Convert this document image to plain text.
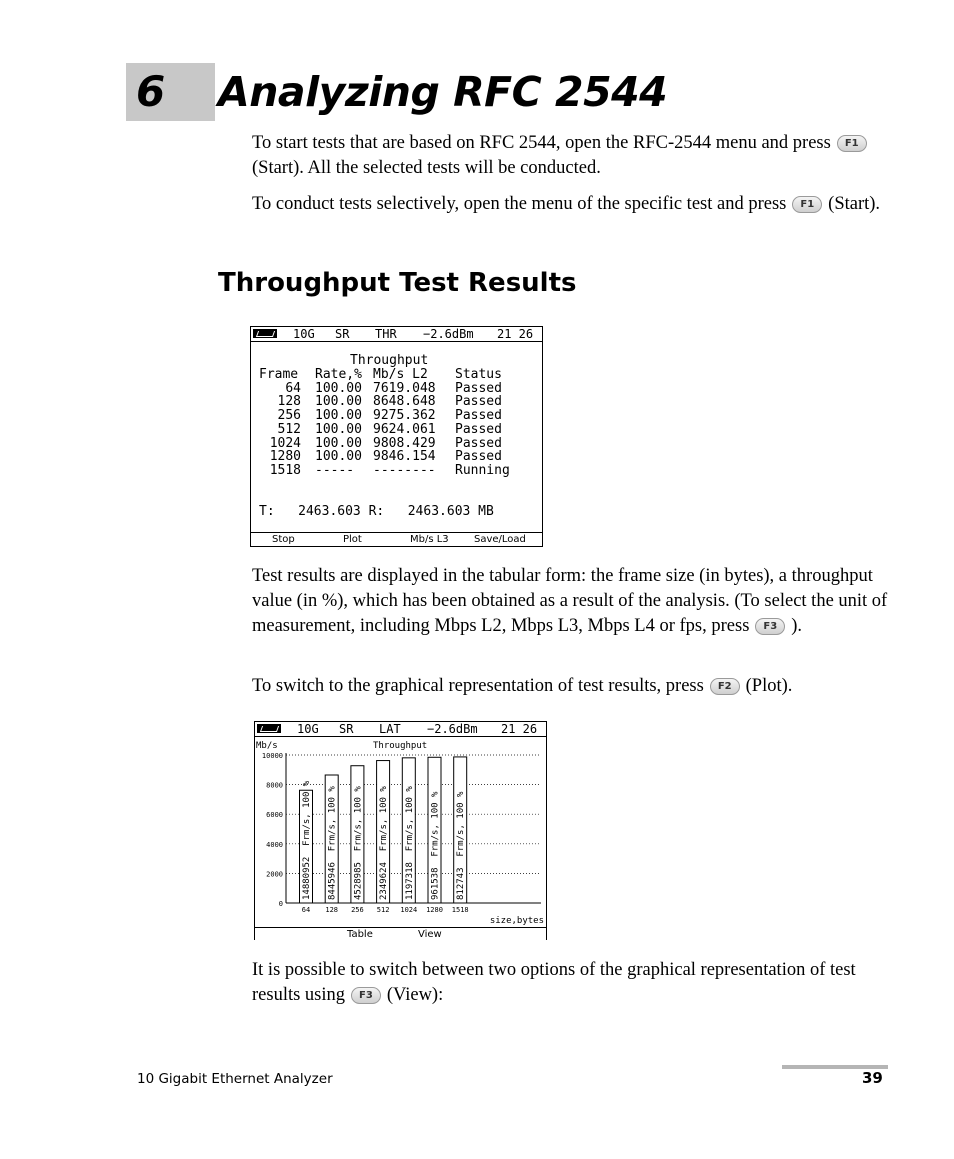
6 Analyzing RFC 2544
To start tests that are based on RFC 2544, open the RFC-2544 menu and press F1(Start). All the selected tests will be conducted.
To conduct tests selectively, open the menu of the specific test and press F1 (Start).
Throughput Test Results
10G SR THR −2.6dBm 21 26
Throughput
Frame	Rate,%	Mb/s L2	Status
64	100.00	7619.048	Passed
128	100.00	8648.648	Passed
256	100.00	9275.362	Passed
512	100.00	9624.061	Passed
1024	100.00	9808.429	Passed
1280	100.00	9846.154	Passed
1518	-----	--------	Running
T: 2463.603 R: 2463.603 MB
Stop	Plot	Mb/s L3	Save/Load
Test results are displayed in the tabular form: the frame size (in bytes), a throughput value (in %), which has been obtained as a result of the analysis. (To select the unit of measurement, including Mbps L2, Mbps L3, Mbps L4 or fps, press F3 ).
To switch to the graphical representation of test results, press F2 (Plot).
10G SR LAT −2.6dBm 21 26
Mb/s	Throughput
0
2000
4000
6000
8000
10000
14880952  Frm/s, 100 %
64
8445946  Frm/s, 100 %
128
4528985  Frm/s, 100 %
256
2349624  Frm/s, 100 %
512
1197318  Frm/s, 100 %
1024
961538  Frm/s, 100 %
1280
812743  Frm/s, 100 %
1518
size,bytes
Table	View
It is possible to switch between two options of the graphical representation of test results using F3 (View):
10 Gigabit Ethernet Analyzer	39
